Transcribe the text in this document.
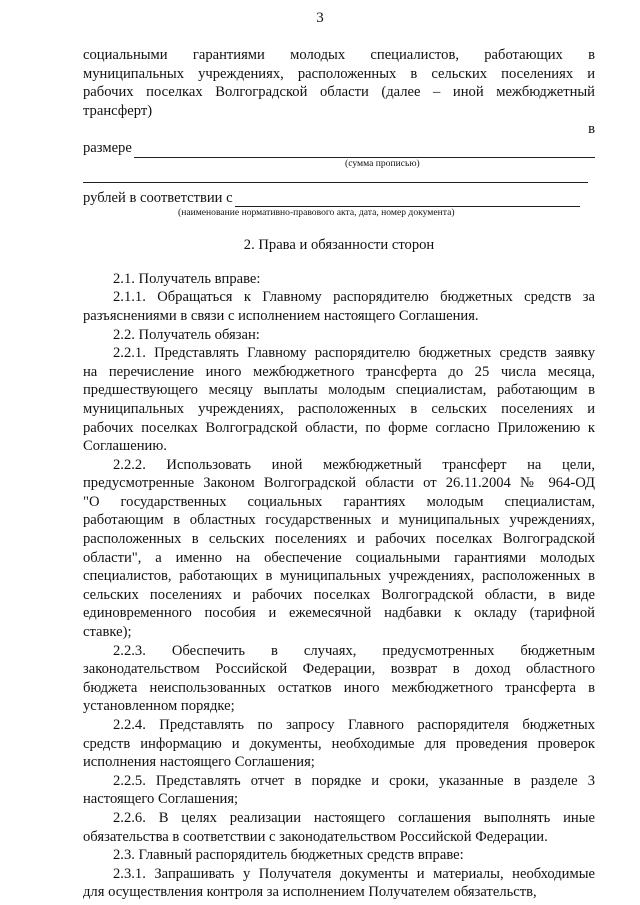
3
социальными гарантиями молодых специалистов, работающих в
муниципальных учреждениях, расположенных в сельских поселениях и
рабочих поселках Волгоградской области (далее – иной межбюджетный
трансферт)
в
размере
(сумма прописью)
рублей в соответствии с
(наименование нормативно-правового акта, дата, номер документа)
2. Права и обязанности сторон
2.1. Получатель вправе:
2.1.1. Обращаться к Главному распорядителю бюджетных средств за
разъяснениями в связи с исполнением настоящего Соглашения.
2.2. Получатель обязан:
2.2.1. Представлять Главному распорядителю бюджетных средств заявку
на перечисление иного межбюджетного трансферта до 25 числа месяца,
предшествующего месяцу выплаты молодым специалистам, работающим в
муниципальных учреждениях, расположенных в сельских поселениях и
рабочих поселках Волгоградской области, по форме согласно Приложению к
Соглашению.
2.2.2. Использовать иной межбюджетный трансферт на цели,
предусмотренные Законом Волгоградской области от 26.11.2004 № 964-ОД
"О государственных социальных гарантиях молодым специалистам,
работающим в областных государственных и муниципальных учреждениях,
расположенных в сельских поселениях и рабочих поселках Волгоградской
области", а именно на обеспечение социальными гарантиями молодых
специалистов, работающих в муниципальных учреждениях, расположенных в
сельских поселениях и рабочих поселках Волгоградской области, в виде
единовременного пособия и ежемесячной надбавки к окладу (тарифной
ставке);
2.2.3. Обеспечить в случаях, предусмотренных бюджетным
законодательством Российской Федерации, возврат в доход областного
бюджета неиспользованных остатков иного межбюджетного трансферта в
установленном порядке;
2.2.4. Представлять по запросу Главного распорядителя бюджетных
средств информацию и документы, необходимые для проведения проверок
исполнения настоящего Соглашения;
2.2.5. Представлять отчет в порядке и сроки, указанные в разделе 3
настоящего Соглашения;
2.2.6. В целях реализации настоящего соглашения выполнять иные
обязательства в соответствии с законодательством Российской Федерации.
2.3. Главный распорядитель бюджетных средств вправе:
2.3.1. Запрашивать у Получателя документы и материалы, необходимые
для осуществления контроля за исполнением Получателем обязательств,
